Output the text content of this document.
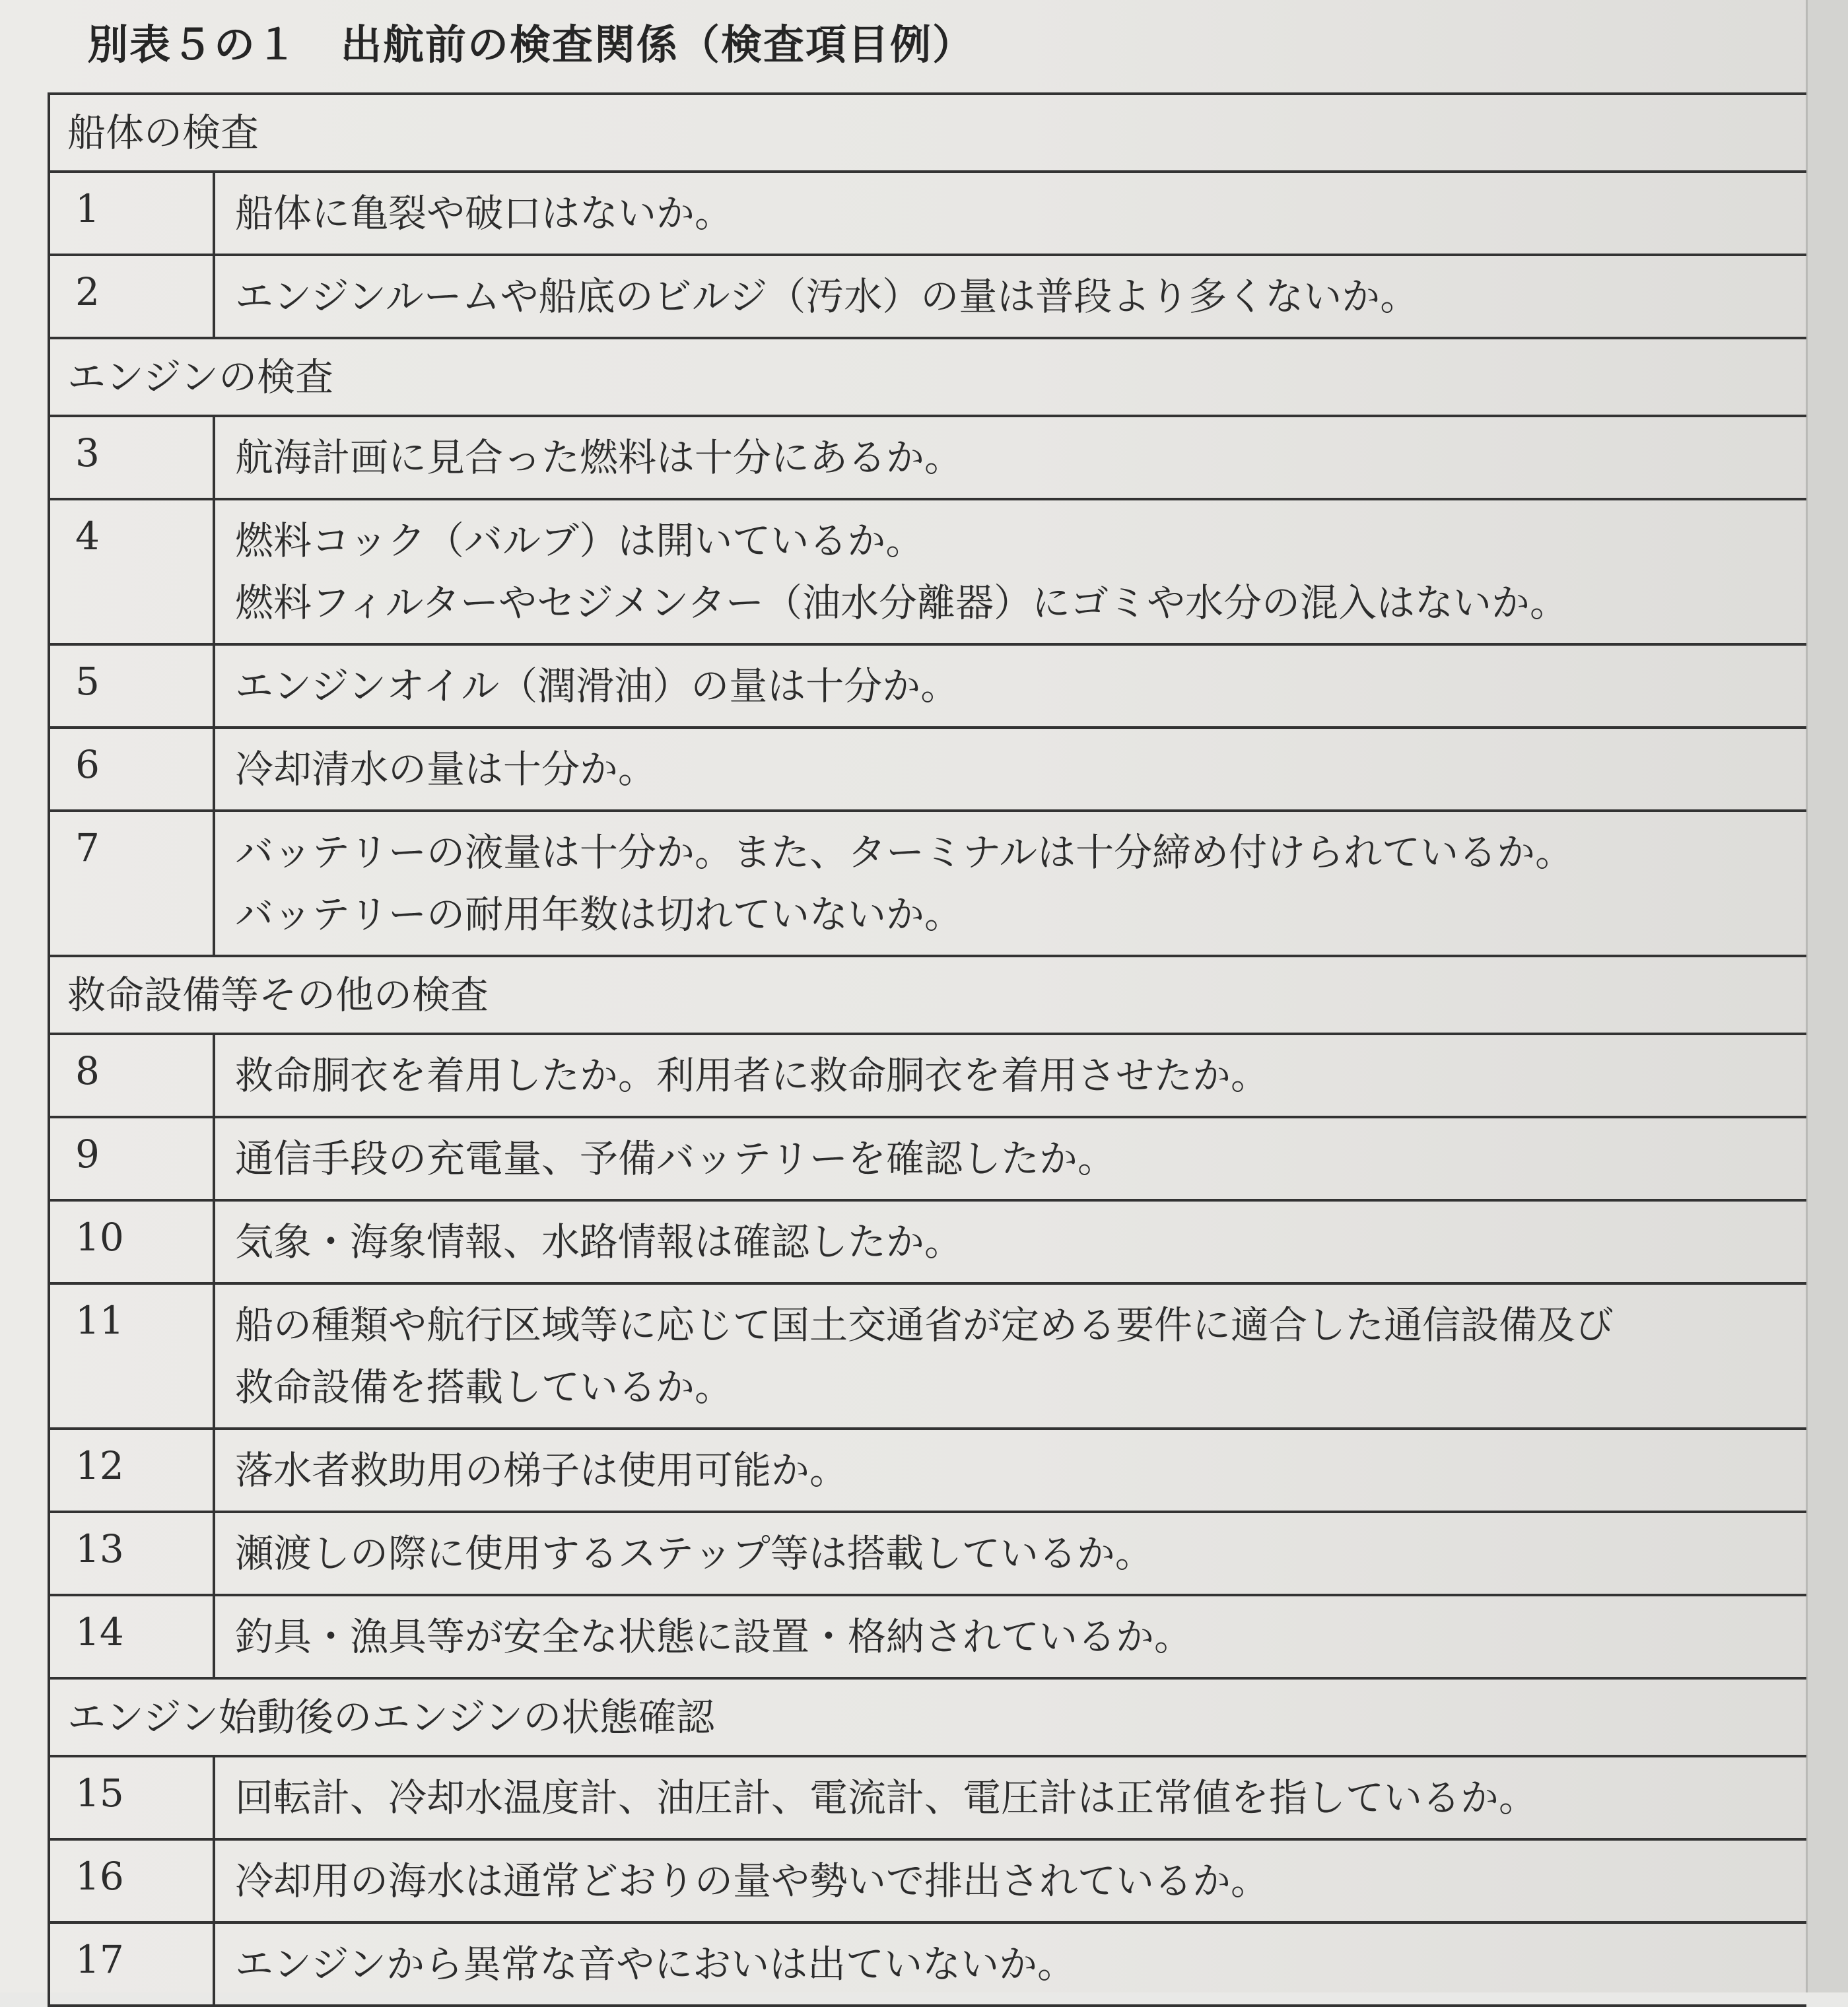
別表５の１　出航前の検査関係（検査項目例）
船体の検査
1	船体に亀裂や破口はないか。
2	エンジンルームや船底のビルジ（汚水）の量は普段より多くないか。
エンジンの検査
3	航海計画に見合った燃料は十分にあるか。
4	燃料コック（バルブ）は開いているか。
燃料フィルターやセジメンター（油水分離器）にゴミや水分の混入はないか。
5	エンジンオイル（潤滑油）の量は十分か。
6	冷却清水の量は十分か。
7	バッテリーの液量は十分か。また、ターミナルは十分締め付けられているか。
バッテリーの耐用年数は切れていないか。
救命設備等その他の検査
8	救命胴衣を着用したか。利用者に救命胴衣を着用させたか。
9	通信手段の充電量、予備バッテリーを確認したか。
10	気象・海象情報、水路情報は確認したか。
11	船の種類や航行区域等に応じて国土交通省が定める要件に適合した通信設備及び
救命設備を搭載しているか。
12	落水者救助用の梯子は使用可能か。
13	瀬渡しの際に使用するステップ等は搭載しているか。
14	釣具・漁具等が安全な状態に設置・格納されているか。
エンジン始動後のエンジンの状態確認
15	回転計、冷却水温度計、油圧計、電流計、電圧計は正常値を指しているか。
16	冷却用の海水は通常どおりの量や勢いで排出されているか。
17	エンジンから異常な音やにおいは出ていないか。
